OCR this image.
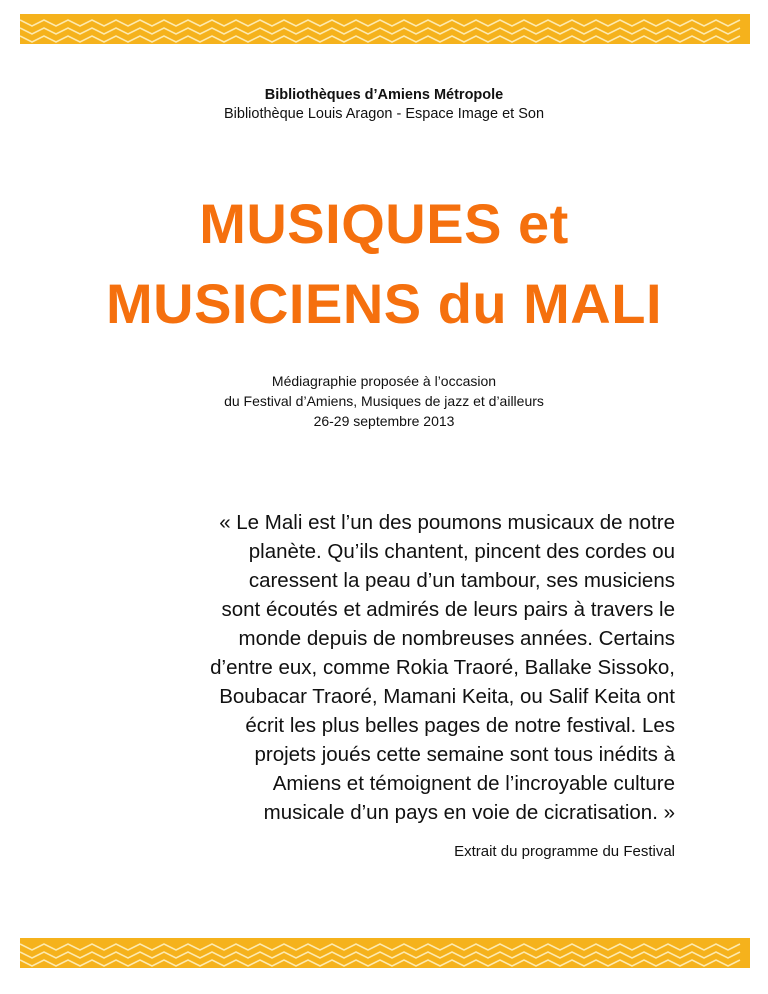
Bibliothèques d’Amiens Métropole
Bibliothèque Louis Aragon - Espace Image et Son
MUSIQUES et
MUSICIENS du MALI
Médiagraphie proposée à l’occasion
du Festival d’Amiens, Musiques de jazz et d’ailleurs
26-29 septembre 2013
« Le Mali est l’un des poumons musicaux de notre
planète. Qu’ils chantent, pincent des cordes ou
caressent la peau d’un tambour, ses musiciens
sont écoutés et admirés de leurs pairs à travers le
monde depuis de nombreuses années. Certains
d’entre eux, comme Rokia Traoré, Ballake Sissoko,
Boubacar Traoré, Mamani Keita, ou Salif Keita ont
écrit les plus belles pages de notre festival. Les
projets joués cette semaine sont tous inédits à
Amiens et témoignent de l’incroyable culture
musicale d’un pays en voie de cicratisation. »
Extrait du programme du Festival
